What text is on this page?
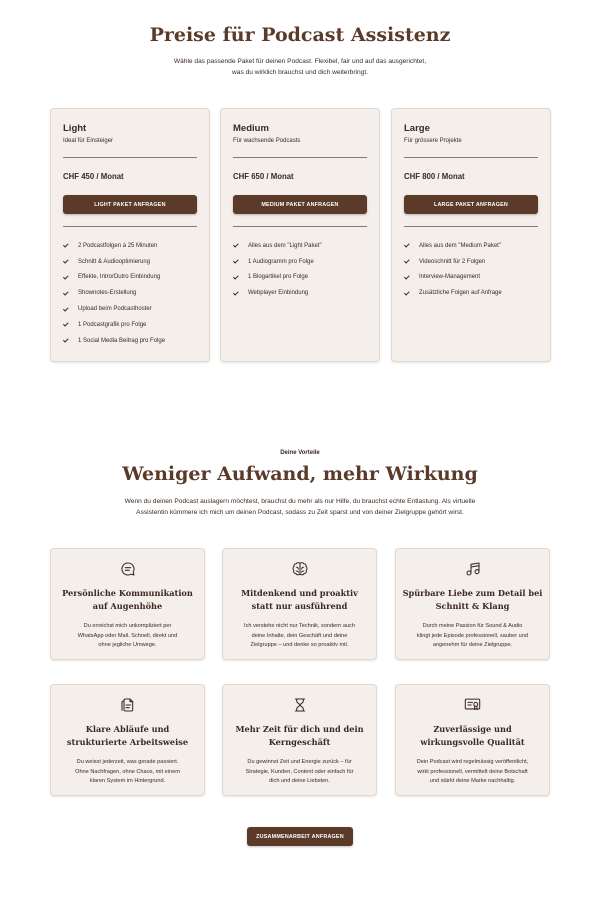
Preise für Podcast Assistenz

Wähle das passende Paket für deinen Podcast. Flexibel, fair und auf das ausgerichtet,
was du wirklich brauchst und dich weiterbringt.

Light
Ideal für Einsteiger
CHF 450 / Monat
LIGHT PAKET ANFRAGEN
2 Podcastfolgen à 25 Minuten
Schnitt & Audiooptimierung
Effekte, Intro/Outro Einbindung
Shownotes-Erstellung
Upload beim Podcasthoster
1 Podcastgrafik pro Folge
1 Social Media Beitrag pro Folge
Medium
Für wachsende Podcasts
CHF 650 / Monat
MEDIUM PAKET ANFRAGEN
Alles aus dem "Light Paket"
1 Audiogramm pro Folge
1 Blogartikel pro Folge
Webplayer Einbindung
Large
Für grössere Projekte
CHF 800 / Monat
LARGE PAKET ANFRAGEN
Alles aus dem "Medium Paket"
Videoschnitt für 2 Folgen
Interview-Management
Zusätzliche Folgen auf Anfrage
Deine Vorteile
Weniger Aufwand, mehr Wirkung

Wenn du deinen Podcast auslagern möchtest, brauchst du mehr als nur Hilfe, du brauchst echte Entlastung. Als virtuelle
Assistentin kümmere ich mich um deinen Podcast, sodass zu Zeit sparst und von deiner Zielgruppe gehört wirst.

Persönliche Kommunikation
auf Augenhöhe
Du erreichst mich unkompliziert per
WhatsApp oder Mail. Schnell, direkt und
ohne jegliche Umwege.
Mitdenkend und proaktiv
statt nur ausführend
Ich verstehe nicht nur Technik, sondern auch
deine Inhalte, dein Geschäft und deine
Zielgruppe – und denke so proaktiv mit.
Spürbare Liebe zum Detail bei
Schnitt & Klang
Durch meine Passion für Sound & Audio
klingt jede Episode professionell, sauber und
angenehm für deine Zielgruppe.
Klare Abläufe und
strukturierte Arbeitsweise
Du weisst jederzeit, was gerade passiert.
Ohne Nachfragen, ohne Chaos, mit einem
klaren System im Hintergrund.
Mehr Zeit für dich und dein
Kerngeschäft
Du gewinnst Zeit und Energie zurück – für
Strategie, Kunden, Content oder einfach für
dich und deine Liebsten.
Zuverlässige und
wirkungsvolle Qualität
Dein Podcast wird regelmässig veröffentlicht,
wirkt professionell, vermittelt deine Botschaft
und stärkt deine Marke nachhaltig.
ZUSAMMENARBEIT ANFRAGEN
